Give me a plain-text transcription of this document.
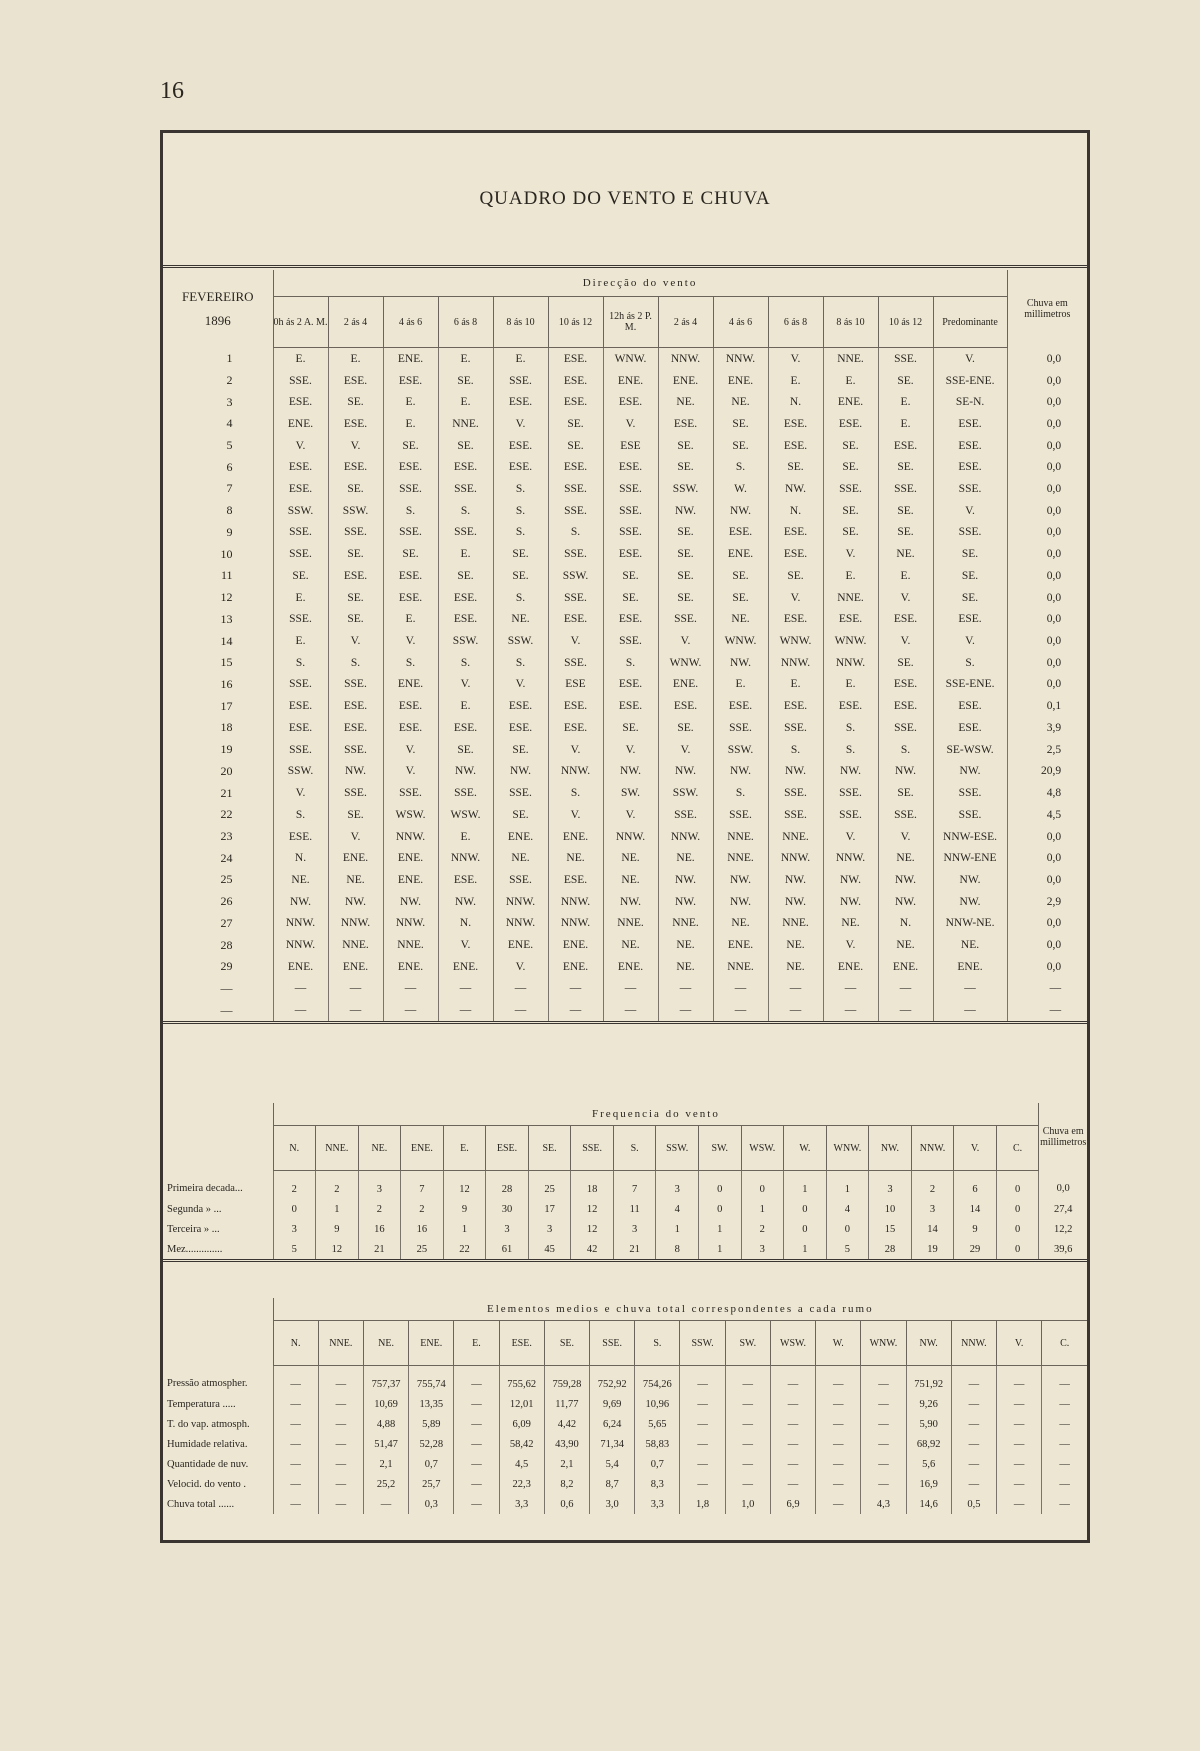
16
QUADRO DO VENTO E CHUVA
FEVEREIRO
1896	Direcção do vento													Chuva em millimetros
	0h ás 2 A. M.	2 ás 4	4 ás 6	6 ás 8	8 ás 10	10 ás 12	12h ás 2 P. M.	2 ás 4	4 ás 6	6 ás 8	8 ás 10	10 ás 12	Predominante	
1	E.	E.	ENE.	E.	E.	ESE.	WNW.	NNW.	NNW.	V.	NNE.	SSE.	V.	0,0
2	SSE.	ESE.	ESE.	SE.	SSE.	ESE.	ENE.	ENE.	ENE.	E.	E.	SE.	SSE-ENE.	0,0
3	ESE.	SE.	E.	E.	ESE.	ESE.	ESE.	NE.	NE.	N.	ENE.	E.	SE-N.	0,0
4	ENE.	ESE.	E.	NNE.	V.	SE.	V.	ESE.	SE.	ESE.	ESE.	E.	ESE.	0,0
5	V.	V.	SE.	SE.	ESE.	SE.	ESE	SE.	SE.	ESE.	SE.	ESE.	ESE.	0,0
6	ESE.	ESE.	ESE.	ESE.	ESE.	ESE.	ESE.	SE.	S.	SE.	SE.	SE.	ESE.	0,0
7	ESE.	SE.	SSE.	SSE.	S.	SSE.	SSE.	SSW.	W.	NW.	SSE.	SSE.	SSE.	0,0
8	SSW.	SSW.	S.	S.	S.	SSE.	SSE.	NW.	NW.	N.	SE.	SE.	V.	0,0
9	SSE.	SSE.	SSE.	SSE.	S.	S.	SSE.	SE.	ESE.	ESE.	SE.	SE.	SSE.	0,0
10	SSE.	SE.	SE.	E.	SE.	SSE.	ESE.	SE.	ENE.	ESE.	V.	NE.	SE.	0,0
11	SE.	ESE.	ESE.	SE.	SE.	SSW.	SE.	SE.	SE.	SE.	E.	E.	SE.	0,0
12	E.	SE.	ESE.	ESE.	S.	SSE.	SE.	SE.	SE.	V.	NNE.	V.	SE.	0,0
13	SSE.	SE.	E.	ESE.	NE.	ESE.	ESE.	SSE.	NE.	ESE.	ESE.	ESE.	ESE.	0,0
14	E.	V.	V.	SSW.	SSW.	V.	SSE.	V.	WNW.	WNW.	WNW.	V.	V.	0,0
15	S.	S.	S.	S.	S.	SSE.	S.	WNW.	NW.	NNW.	NNW.	SE.	S.	0,0
16	SSE.	SSE.	ENE.	V.	V.	ESE	ESE.	ENE.	E.	E.	E.	ESE.	SSE-ENE.	0,0
17	ESE.	ESE.	ESE.	E.	ESE.	ESE.	ESE.	ESE.	ESE.	ESE.	ESE.	ESE.	ESE.	0,1
18	ESE.	ESE.	ESE.	ESE.	ESE.	ESE.	SE.	SE.	SSE.	SSE.	S.	SSE.	ESE.	3,9
19	SSE.	SSE.	V.	SE.	SE.	V.	V.	V.	SSW.	S.	S.	S.	SE-WSW.	2,5
20	SSW.	NW.	V.	NW.	NW.	NNW.	NW.	NW.	NW.	NW.	NW.	NW.	NW.	20,9
21	V.	SSE.	SSE.	SSE.	SSE.	S.	SW.	SSW.	S.	SSE.	SSE.	SE.	SSE.	4,8
22	S.	SE.	WSW.	WSW.	SE.	V.	V.	SSE.	SSE.	SSE.	SSE.	SSE.	SSE.	4,5
23	ESE.	V.	NNW.	E.	ENE.	ENE.	NNW.	NNW.	NNE.	NNE.	V.	V.	NNW-ESE.	0,0
24	N.	ENE.	ENE.	NNW.	NE.	NE.	NE.	NE.	NNE.	NNW.	NNW.	NE.	NNW-ENE	0,0
25	NE.	NE.	ENE.	ESE.	SSE.	ESE.	NE.	NW.	NW.	NW.	NW.	NW.	NW.	0,0
26	NW.	NW.	NW.	NW.	NNW.	NNW.	NW.	NW.	NW.	NW.	NW.	NW.	NW.	2,9
27	NNW.	NNW.	NNW.	N.	NNW.	NNW.	NNE.	NNE.	NE.	NNE.	NE.	N.	NNW-NE.	0,0
28	NNW.	NNE.	NNE.	V.	ENE.	ENE.	NE.	NE.	ENE.	NE.	V.	NE.	NE.	0,0
29	ENE.	ENE.	ENE.	ENE.	V.	ENE.	ENE.	NE.	NNE.	NE.	ENE.	ENE.	ENE.	0,0
—	—	—	—	—	—	—	—	—	—	—	—	—	—	—
—	—	—	—	—	—	—	—	—	—	—	—	—	—	—
	Frequencia do vento																		Chuva em millimetros
	N.	NNE.	NE.	ENE.	E.	ESE.	SE.	SSE.	S.	SSW.	SW.	WSW.	W.	WNW.	NW.	NNW.	V.	C.	
Primeira decada...	2	2	3	7	12	28	25	18	7	3	0	0	1	1	3	2	6	0	0,0
Segunda » ...	0	1	2	2	9	30	17	12	11	4	0	1	0	4	10	3	14	0	27,4
Terceira » ...	3	9	16	16	1	3	3	12	3	1	1	2	0	0	15	14	9	0	12,2
Mez..............	5	12	21	25	22	61	45	42	21	8	1	3	1	5	28	19	29	0	39,6
	Elementos medios e chuva total correspondentes a cada rumo																	
	N.	NNE.	NE.	ENE.	E.	ESE.	SE.	SSE.	S.	SSW.	SW.	WSW.	W.	WNW.	NW.	NNW.	V.	C.
Pressão atmospher.	—	—	757,37	755,74	—	755,62	759,28	752,92	754,26	—	—	—	—	—	751,92	—	—	—
Temperatura .....	—	—	10,69	13,35	—	12,01	11,77	9,69	10,96	—	—	—	—	—	9,26	—	—	—
T. do vap. atmosph.	—	—	4,88	5,89	—	6,09	4,42	6,24	5,65	—	—	—	—	—	5,90	—	—	—
Humidade relativa.	—	—	51,47	52,28	—	58,42	43,90	71,34	58,83	—	—	—	—	—	68,92	—	—	—
Quantidade de nuv.	—	—	2,1	0,7	—	4,5	2,1	5,4	0,7	—	—	—	—	—	5,6	—	—	—
Velocid. do vento .	—	—	25,2	25,7	—	22,3	8,2	8,7	8,3	—	—	—	—	—	16,9	—	—	—
Chuva total ......	—	—	—	0,3	—	3,3	0,6	3,0	3,3	1,8	1,0	6,9	—	4,3	14,6	0,5	—	—
